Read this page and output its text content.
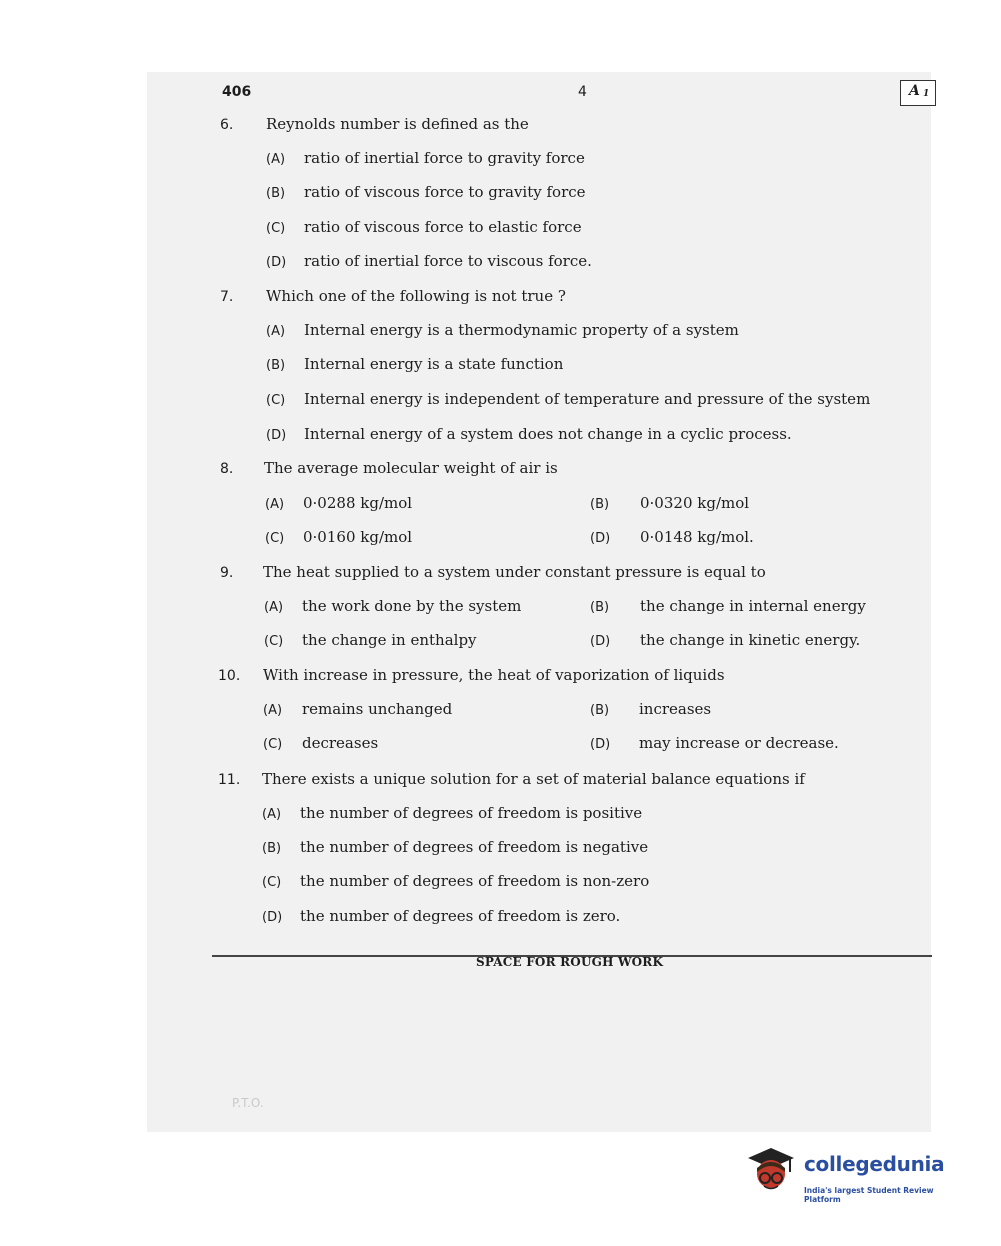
406	4	A 1
6. Reynolds number is defined as the
(A) ratio of inertial force to gravity force
(B) ratio of viscous force to gravity force
(C) ratio of viscous force to elastic force
(D) ratio of inertial force to viscous force.
7. Which one of the following is not true ?
(A) Internal energy is a thermodynamic property of a system
(B) Internal energy is a state function
(C) Internal energy is independent of temperature and pressure of the system
(D) Internal energy of a system does not change in a cyclic process.
8. The average molecular weight of air is
(A) 0·0288 kg/mol	(B) 0·0320 kg/mol
(C) 0·0160 kg/mol	(D) 0·0148 kg/mol.
9. The heat supplied to a system under constant pressure is equal to
(A) the work done by the system	(B) the change in internal energy
(C) the change in enthalpy	(D) the change in kinetic energy.
10. With increase in pressure, the heat of vaporization of liquids
(A) remains unchanged	(B) increases
(C) decreases	(D) may increase or decrease.
11. There exists a unique solution for a set of material balance equations if
(A) the number of degrees of freedom is positive
(B) the number of degrees of freedom is negative
(C) the number of degrees of freedom is non-zero
(D) the number of degrees of freedom is zero.
SPACE FOR ROUGH WORK
P.T.O.
collegedunia
India's largest Student Review Platform
